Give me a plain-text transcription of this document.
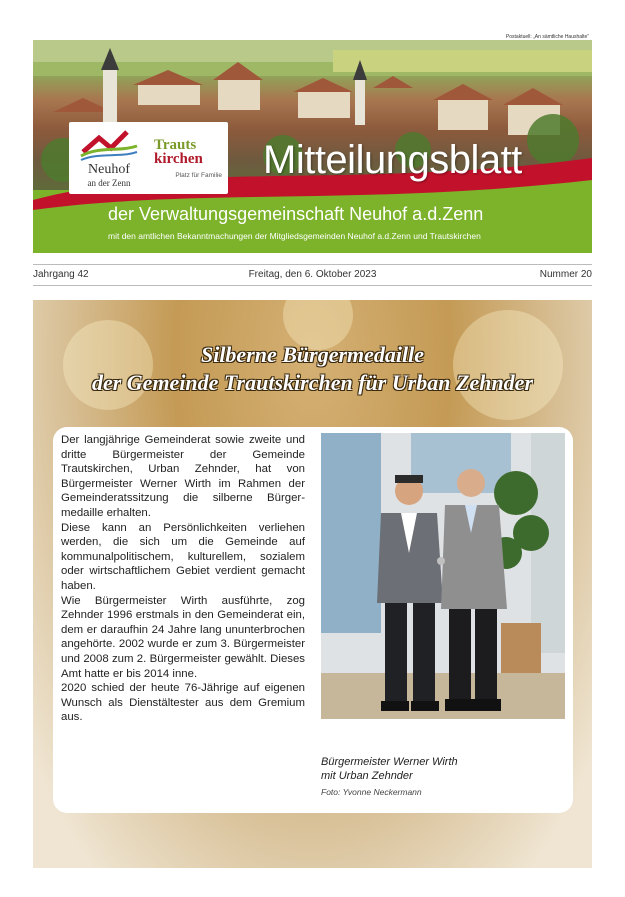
Postaktuell: „An sämtliche Haushalte“
Neuhof
an der Zenn
Trauts
kirchen
Platz für Familie Mitteilungsblatt
der Verwaltungsgemeinschaft Neuhof a.d.Zenn
mit den amtlichen Bekanntmachungen der Mitgliedsgemeinden Neuhof a.d.Zenn und Trautskirchen
Freitag, den 6. Oktober 2023
Jahrgang 42	Nummer 20
Silberne Bürgermedaille
der Gemeinde Trautskirchen für Urban Zehnder

Der langjährige Gemeinderat sowie zweite und dritte Bürgermeister der Gemeinde Trautskirchen, Urban Zehnder, hat von Bürgermeister Werner Wirth im Rahmen der Gemeinderatssitzung die silberne Bürgermedaille erhalten.

Diese kann an Persönlichkeiten verliehen werden, die sich um die Gemeinde auf kommunalpolitischem, kulturellem, sozialem oder wirtschaftlichem Gebiet verdient gemacht haben.

Wie Bürgermeister Wirth ausführte, zog Zehnder 1996 erstmals in den Gemeinderat ein, dem er daraufhin 24 Jahre lang ununterbrochen angehörte. 2002 wurde er zum 3. Bürgermeister und 2008 zum 2. Bürgermeister gewählt. Dieses Amt hatte er bis 2014 inne.

2020 schied der heute 76-Jährige auf eigenen Wunsch als Dienstältester aus dem Gremium aus.

Bürgermeister Werner Wirth
mit Urban Zehnder
Foto: Yvonne Neckermann
